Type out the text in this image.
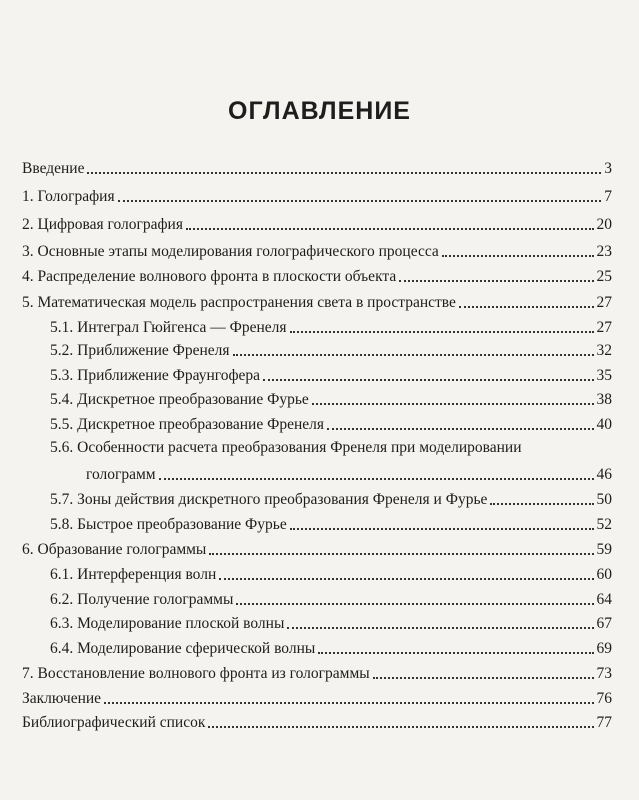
ОГЛАВЛЕНИЕ
Введение	3
1. Голография	7
2. Цифровая голография	20
3. Основные этапы моделирования голографического процесса	23
4. Распределение волнового фронта в плоскости объекта	25
5. Математическая модель распространения света в пространстве	27
5.1. Интеграл Гюйгенса — Френеля	27
5.2. Приближение Френеля	32
5.3. Приближение Фраунгофера	35
5.4. Дискретное преобразование Фурье	38
5.5. Дискретное преобразование Френеля	40
5.6. Особенности расчета преобразования Френеля при моделировании
голограмм	46
5.7. Зоны действия дискретного преобразования Френеля и Фурье	50
5.8. Быстрое преобразование Фурье	52
6. Образование голограммы	59
6.1. Интерференция волн	60
6.2. Получение голограммы	64
6.3. Моделирование плоской волны	67
6.4. Моделирование сферической волны	69
7. Восстановление волнового фронта из голограммы	73
Заключение	76
Библиографический список	77
